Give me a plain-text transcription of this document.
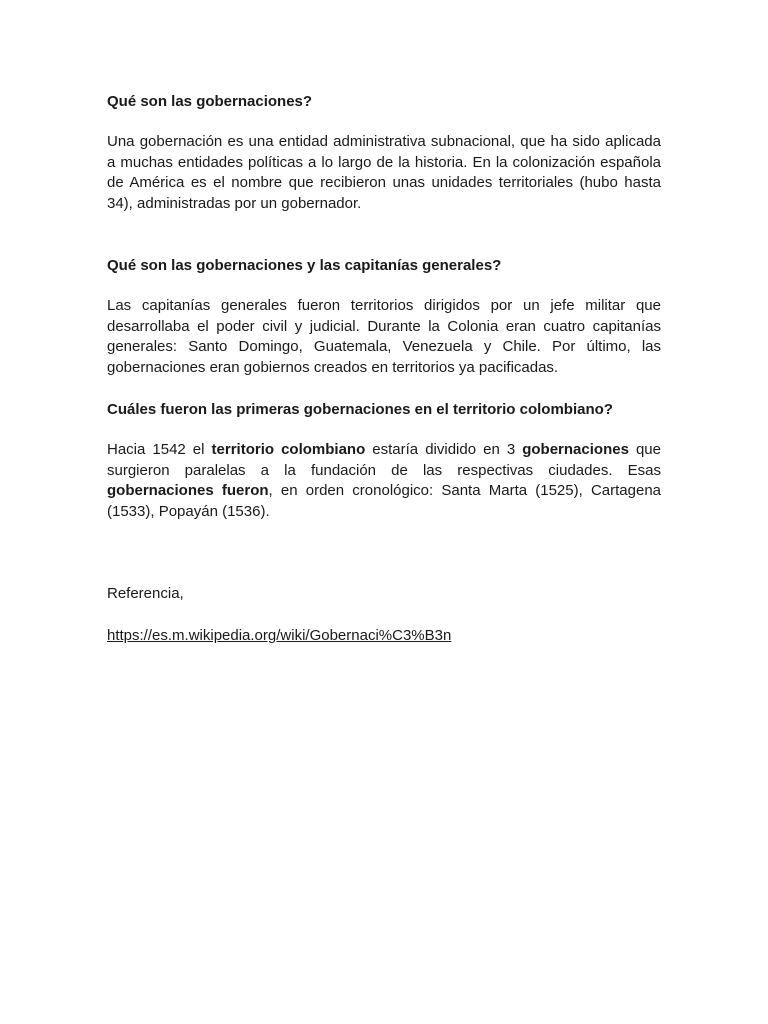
Qué son las gobernaciones?

Una gobernación es una entidad administrativa subnacional, que ha sido aplicada a muchas entidades políticas a lo largo de la historia. En la colonización española de América es el nombre que recibieron unas unidades territoriales (hubo hasta 34), administradas por un gobernador.

Qué son las gobernaciones y las capitanías generales?

Las capitanías generales fueron territorios dirigidos por un jefe militar que desarrollaba el poder civil y judicial. Durante la Colonia eran cuatro capitanías generales: Santo Domingo, Guatemala, Venezuela y Chile. Por último, las gobernaciones eran gobiernos creados en territorios ya pacificadas.

Cuáles fueron las primeras gobernaciones en el territorio colombiano?

Hacia 1542 el territorio colombiano estaría dividido en 3 gobernaciones que surgieron paralelas a la fundación de las respectivas ciudades. Esas gobernaciones fueron, en orden cronológico: Santa Marta (1525), Cartagena (1533), Popayán (1536).

Referencia,

https://es.m.wikipedia.org/wiki/Gobernaci%C3%B3n
